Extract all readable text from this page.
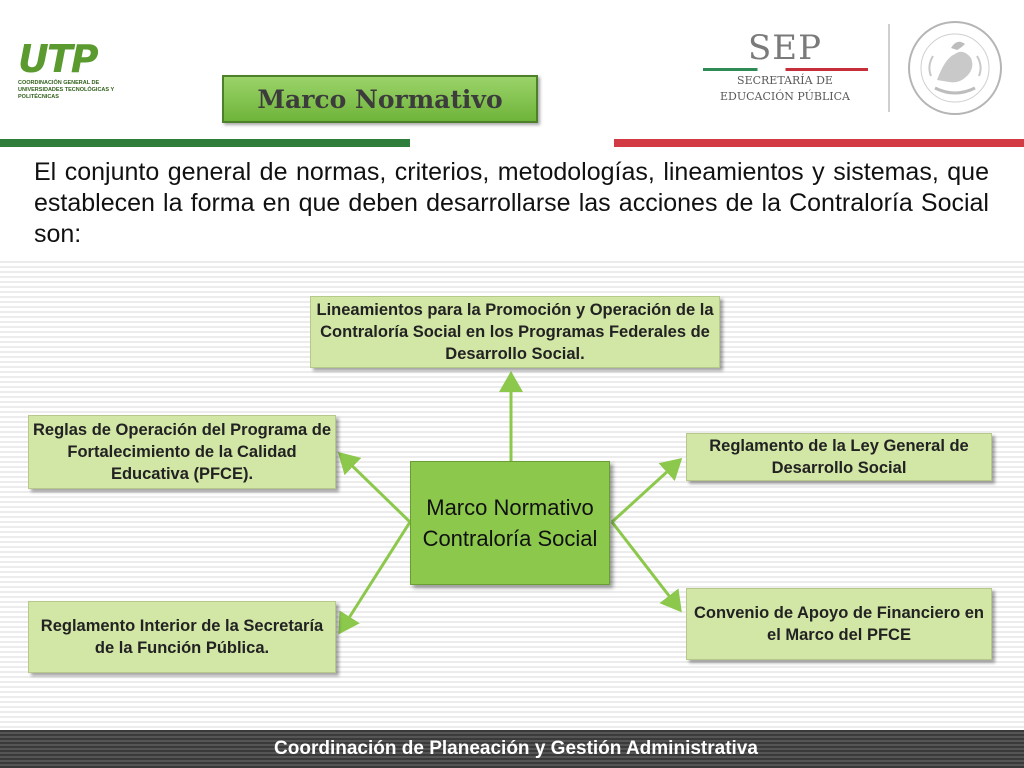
UTP
COORDINACIÓN GENERAL DE UNIVERSIDADES TECNOLÓGICAS Y POLITÉCNICAS	Marco Normativo
SEP
SECRETARÍA DE
EDUCACIÓN PÚBLICA
El conjunto general de normas, criterios, metodologías, lineamientos y sistemas, que establecen la forma en que deben desarrollarse las acciones de la Contraloría Social son:
Lineamientos para la Promoción y Operación de la Contraloría Social en los Programas Federales de Desarrollo Social.
Reglas de Operación del Programa de Fortalecimiento de la Calidad Educativa (PFCE).
Reglamento Interior de la Secretaría de la Función Pública.
Reglamento de la Ley General de Desarrollo Social
Convenio de Apoyo de Financiero en el Marco del PFCE
Marco Normativo Contraloría Social
Coordinación de Planeación y Gestión Administrativa
